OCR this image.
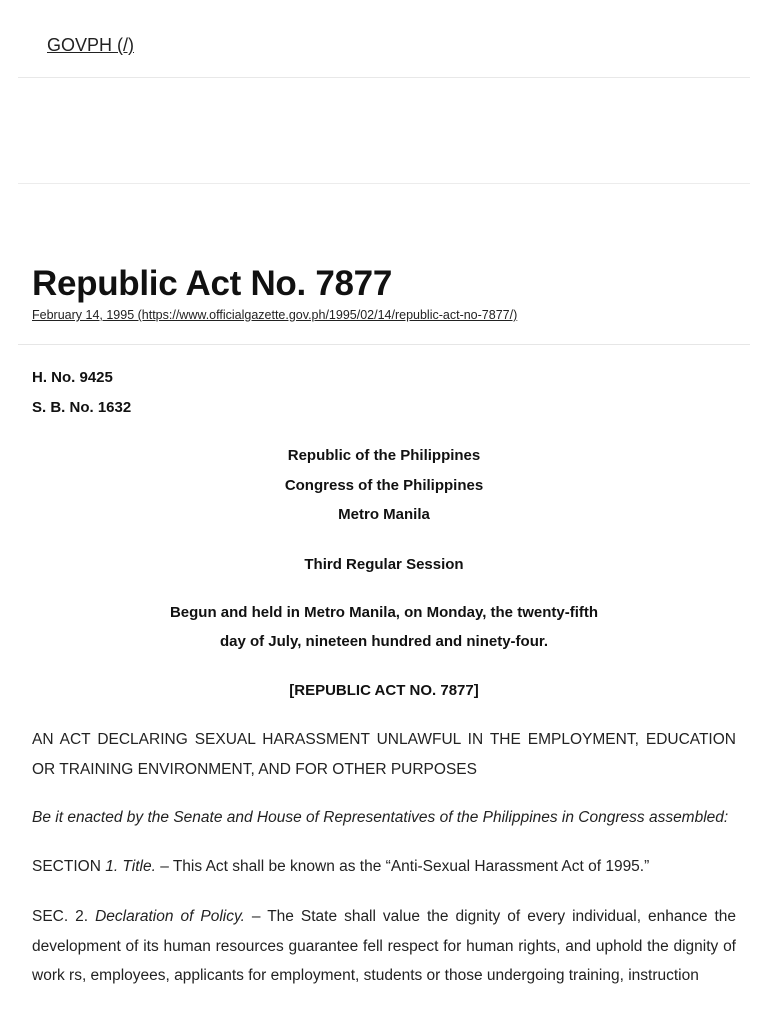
GOVPH (/)
Republic Act No. 7877
February 14, 1995 (https://www.officialgazette.gov.ph/1995/02/14/republic-act-no-7877/)
H. No. 9425
S. B. No. 1632
Republic of the Philippines
Congress of the Philippines
Metro Manila
Third Regular Session
Begun and held in Metro Manila, on Monday, the twenty-fifth
day of July, nineteen hundred and ninety-four.
[REPUBLIC ACT NO. 7877]

AN ACT DECLARING SEXUAL HARASSMENT UNLAWFUL IN THE EMPLOYMENT, EDUCATION OR TRAINING ENVIRONMENT, AND FOR OTHER PURPOSES

Be it enacted by the Senate and House of Representatives of the Philippines in Congress assembled:

SECTION 1. Title. – This Act shall be known as the “Anti-Sexual Harassment Act of 1995.”

SEC. 2. Declaration of Policy. – The State shall value the dignity of every individual, enhance the development of its human resources guarantee fell respect for human rights, and uphold the dignity of work rs, employees, applicants for employment, students or those undergoing training, instruction
